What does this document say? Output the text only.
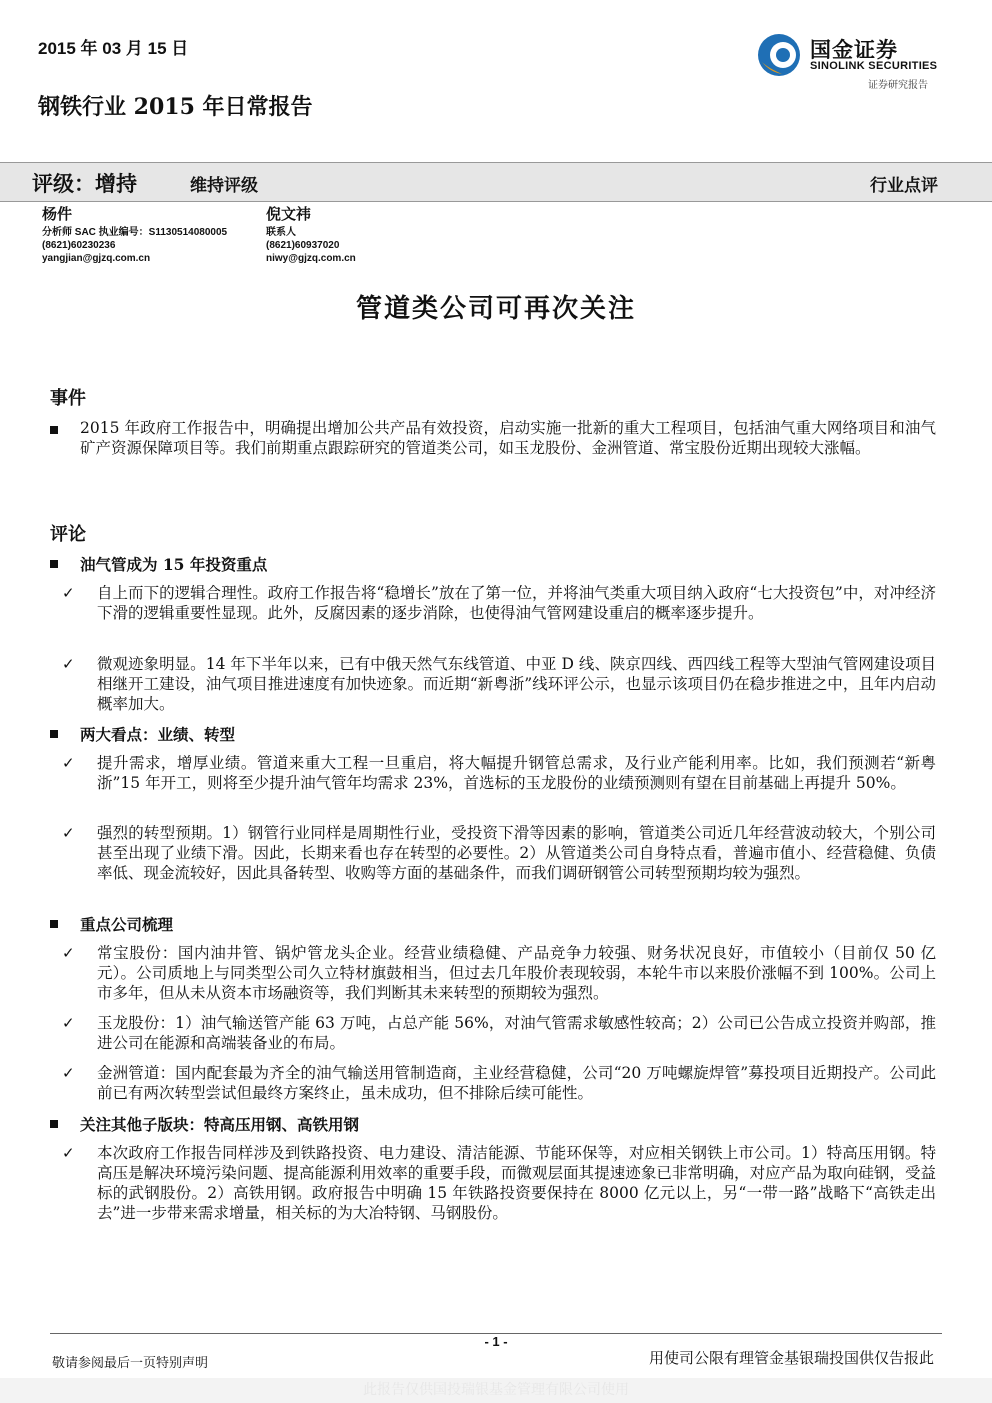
2015 年 03 月 15 日	国金证券
SINOLINK SECURITIES
证券研究报告
钢铁行业 2015 年日常报告
评级：增持	维持评级	行业点评
杨件
分析师 SAC 执业编号：S1130514080005
(8621)60230236
yangjian@gjzq.com.cn
倪文祎
联系人
(8621)60937020
niwy@gjzq.com.cn
管道类公司可再次关注
事件
2015 年政府工作报告中，明确提出增加公共产品有效投资，启动实施一批新的重大工程项目，包括油气重大网络项目和油气矿产资源保障项目等。我们前期重点跟踪研究的管道类公司，如玉龙股份、金洲管道、常宝股份近期出现较大涨幅。
评论
油气管成为 15 年投资重点
✓ 自上而下的逻辑合理性。政府工作报告将“稳增长”放在了第一位，并将油气类重大项目纳入政府“七大投资包”中，对冲经济下滑的逻辑重要性显现。此外，反腐因素的逐步消除，也使得油气管网建设重启的概率逐步提升。
✓ 微观迹象明显。14 年下半年以来，已有中俄天然气东线管道、中亚 D 线、陕京四线、西四线工程等大型油气管网建设项目相继开工建设，油气项目推进速度有加快迹象。而近期“新粤浙”线环评公示，也显示该项目仍在稳步推进之中，且年内启动概率加大。
两大看点：业绩、转型
✓ 提升需求，增厚业绩。管道来重大工程一旦重启，将大幅提升钢管总需求，及行业产能利用率。比如，我们预测若“新粤浙”15 年开工，则将至少提升油气管年均需求 23%，首选标的玉龙股份的业绩预测则有望在目前基础上再提升 50%。
✓ 强烈的转型预期。1）钢管行业同样是周期性行业，受投资下滑等因素的影响，管道类公司近几年经营波动较大，个别公司甚至出现了业绩下滑。因此，长期来看也存在转型的必要性。2）从管道类公司自身特点看，普遍市值小、经营稳健、负债率低、现金流较好，因此具备转型、收购等方面的基础条件，而我们调研钢管公司转型预期均较为强烈。
重点公司梳理
✓ 常宝股份：国内油井管、锅炉管龙头企业。经营业绩稳健、产品竞争力较强、财务状况良好，市值较小（目前仅 50 亿元）。公司质地上与同类型公司久立特材旗鼓相当，但过去几年股价表现较弱，本轮牛市以来股价涨幅不到 100%。公司上市多年，但从未从资本市场融资等，我们判断其未来转型的预期较为强烈。
✓ 玉龙股份：1）油气输送管产能 63 万吨，占总产能 56%，对油气管需求敏感性较高；2）公司已公告成立投资并购部，推进公司在能源和高端装备业的布局。
✓ 金洲管道：国内配套最为齐全的油气输送用管制造商，主业经营稳健，公司“20 万吨螺旋焊管”募投项目近期投产。公司此前已有两次转型尝试但最终方案终止，虽未成功，但不排除后续可能性。
关注其他子版块：特高压用钢、高铁用钢
✓ 本次政府工作报告同样涉及到铁路投资、电力建设、清洁能源、节能环保等，对应相关钢铁上市公司。1）特高压用钢。特高压是解决环境污染问题、提高能源利用效率的重要手段，而微观层面其提速迹象已非常明确，对应产品为取向硅钢，受益标的武钢股份。2）高铁用钢。政府报告中明确 15 年铁路投资要保持在 8000 亿元以上，另“一带一路”战略下“高铁走出去”进一步带来需求增量，相关标的为大冶特钢、马钢股份。
- 1 -
敬请参阅最后一页特别声明	用使司公限有理管金基银瑞投国供仅告报此
此报告仅供国投瑞银基金管理有限公司使用
